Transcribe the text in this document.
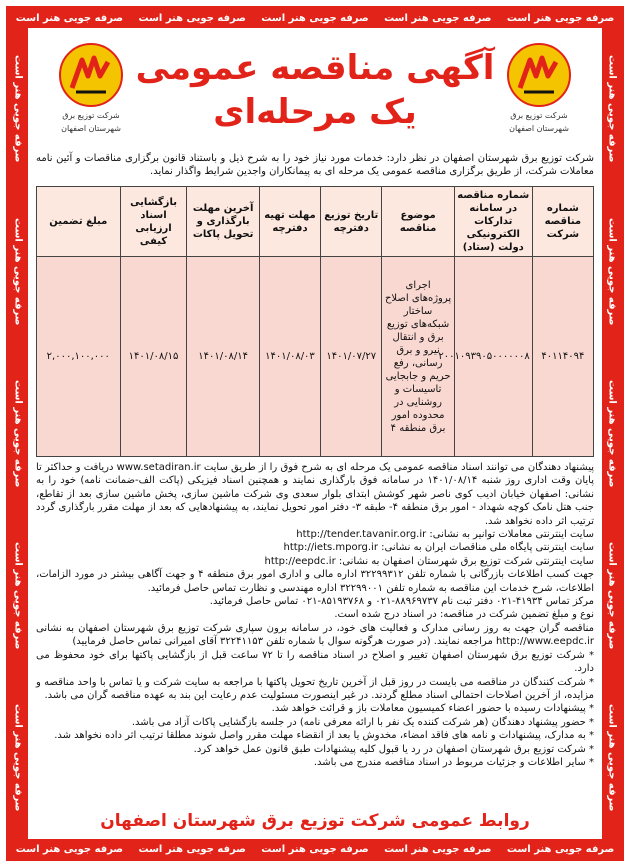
صرفه جویی هنر است صرفه جویی هنر است صرفه جویی هنر است صرفه جویی هنر است صرفه جویی هنر است
صرفه جویی هنر است صرفه جویی هنر است صرفه جویی هنر است صرفه جویی هنر است صرفه جویی هنر است
صرفه جویی هنر است
صرفه جویی هنر است
صرفه جویی هنر است
صرفه جویی هنر است
صرفه جویی هنر است
صرفه جویی هنر است
صرفه جویی هنر است
صرفه جویی هنر است
صرفه جویی هنر است
صرفه جویی هنر است
شرکت توزیع برق
شهرستان اصفهان
آگهی مناقصه عمومی
یک مرحله‌ای
شرکت توزیع برق
شهرستان اصفهان
شرکت توزیع برق شهرستان اصفهان در نظر دارد: خدمات مورد نیاز خود را به شرح ذیل و باستناد قانون برگزاری مناقصات و آئین نامه معاملات شرکت، از طریق برگزاری مناقصه عمومی یک مرحله ای به پیمانکاران واجدین شرایط واگذار نماید.
شماره مناقصه شرکت	شماره مناقصه در سامانه تدارکات الکترونیکی دولت (ستاد)	موضوع مناقصه	تاریخ توزیع دفترچه	مهلت تهیه دفترچه	آخرین مهلت بارگذاری و تحویل پاکات	بازگشایی اسناد ارزیابی کیفی	مبلغ تضمین
۴۰۱۱۴۰۹۴	۲۰۰۱۰۹۳۹۰۵۰۰۰۰۰۰۸	اجرای پروژه‌های اصلاح ساختار شبکه‌های توزیع برق و انتقال نیرو و برق رسانی، رفع حریم و جابجایی تاسیسات و روشنایی در محدوده امور برق منطقه ۴	۱۴۰۱/۰۷/۲۷	۱۴۰۱/۰۸/۰۳	۱۴۰۱/۰۸/۱۴	۱۴۰۱/۰۸/۱۵	۲,۰۰۰,۱۰۰,۰۰۰

پیشنهاد دهندگان می توانند اسناد مناقصه عمومی یک مرحله ای به شرح فوق را از طریق سایت www.setadiran.ir دریافت و حداکثر تا پایان وقت اداری روز شنبه ۱۴۰۱/۰۸/۱۴ در سامانه فوق بارگذاری نمایند و همچنین اسناد فیزیکی (پاکت الف-ضمانت نامه) خود را به نشانی: اصفهان خیابان ادیب کوی ناصر شهر کوشش ابتدای بلوار سعدی وی شرکت ماشین سازی، پخش ماشین سازی بعد از تقاطع، جنب هتل نامک کوچه شهداد - امور برق منطقه ۴- طبقه ۳- دفتر امور تحویل نمایند، به پیشنهادهایی که بعد از مهلت مقرر بارگذاری گردد ترتیب اثر داده نخواهد شد.

سایت اینترنتی معاملات توانیر به نشانی: http://tender.tavanir.org.ir

سایت اینترنتی پایگاه ملی مناقصات ایران به نشانی: http://iets.mporg.ir

سایت اینترنتی شرکت توزیع برق شهرستان اصفهان به نشانی: http://eepdc.ir

جهت کسب اطلاعات بازرگانی با شماره تلفن ۳۲۲۹۹۳۱۲ اداره مالی و اداری امور برق منطقه ۴ و جهت آگاهی بیشتر در مورد الزامات، اطلاعات، شرح خدمات این مناقصه به شماره تلفن ۳۲۲۹۹۰۰۱ اداره مهندسی و نظارت تماس حاصل فرمائید.

مرکز تماس ۴۱۹۳۴-۰۲۱ دفتر ثبت نام ۸۸۹۶۹۷۳۷-۰۲۱ و ۸۵۱۹۳۷۶۸-۰۲۱ تماس حاصل فرمائید.

نوع و مبلغ تضمین شرکت در مناقصه: در اسناد درج شده است.

مناقصه گران جهت به روز رسانی مدارک و فعالیت های خود، در سامانه برون سپاری شرکت توزیع برق شهرستان اصفهان به نشانی http://www.eepdc.ir مراجعه نمایند. (در صورت هرگونه سوال با شماره تلفن ۳۲۲۴۱۱۵۳ آقای امیرانی تماس حاصل فرمایید)

* شرکت توزیع برق شهرستان اصفهان تغییر و اصلاح در اسناد مناقصه را تا ۷۲ ساعت قبل از بازگشایی پاکتها برای خود محفوظ می دارد.

* شرکت کنندگان در مناقصه می بایست در روز قبل از آخرین تاریخ تحویل پاکتها با مراجعه به سایت شرکت و یا تماس با واحد مناقصه و مزایده، از آخرین اصلاحات احتمالی اسناد مطلع گردند. در غیر اینصورت مسئولیت عدم رعایت این بند به عهده مناقصه گران می باشد.

* پیشنهادات رسیده با حضور اعضاء کمیسیون معاملات باز و قرائت خواهد شد.

* حضور پیشنهاد دهندگان (هر شرکت کننده یک نفر با ارائه معرفی نامه) در جلسه بازگشایی پاکات آزاد می باشد.

* به مدارک، پیشنهادات و نامه های فاقد امضاء، مخدوش یا بعد از انقضاء مهلت مقرر واصل شوند مطلقا ترتیب اثر داده نخواهد شد.

* شرکت توزیع برق شهرستان اصفهان در رد یا قبول کلیه پیشنهادات طبق قانون عمل خواهد کرد.

* سایر اطلاعات و جزئیات مربوط در اسناد مناقصه مندرج می باشد.

روابط عمومی شرکت توزیع برق شهرستان اصفهان
